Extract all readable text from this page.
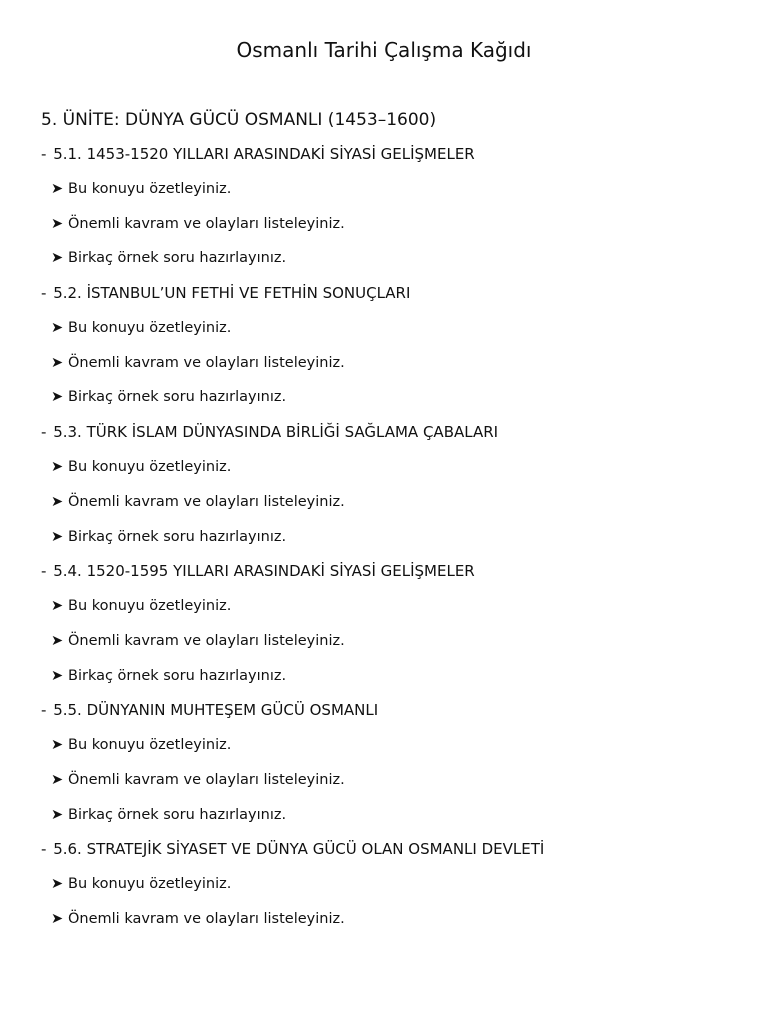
Osmanlı Tarihi Çalışma Kağıdı
5. ÜNİTE: DÜNYA GÜCÜ OSMANLI (1453–1600)
- 5.1. 1453-1520 YILLARI ARASINDAKİ SİYASİ GELİŞMELER
➤ Bu konuyu özetleyiniz.
➤ Önemli kavram ve olayları listeleyiniz.
➤ Birkaç örnek soru hazırlayınız.
- 5.2. İSTANBUL’UN FETHİ VE FETHİN SONUÇLARI
➤ Bu konuyu özetleyiniz.
➤ Önemli kavram ve olayları listeleyiniz.
➤ Birkaç örnek soru hazırlayınız.
- 5.3. TÜRK İSLAM DÜNYASINDA BİRLİĞİ SAĞLAMA ÇABALARI
➤ Bu konuyu özetleyiniz.
➤ Önemli kavram ve olayları listeleyiniz.
➤ Birkaç örnek soru hazırlayınız.
- 5.4. 1520-1595 YILLARI ARASINDAKİ SİYASİ GELİŞMELER
➤ Bu konuyu özetleyiniz.
➤ Önemli kavram ve olayları listeleyiniz.
➤ Birkaç örnek soru hazırlayınız.
- 5.5. DÜNYANIN MUHTEŞEM GÜCÜ OSMANLI
➤ Bu konuyu özetleyiniz.
➤ Önemli kavram ve olayları listeleyiniz.
➤ Birkaç örnek soru hazırlayınız.
- 5.6. STRATEJİK SİYASET VE DÜNYA GÜCÜ OLAN OSMANLI DEVLETİ
➤ Bu konuyu özetleyiniz.
➤ Önemli kavram ve olayları listeleyiniz.
